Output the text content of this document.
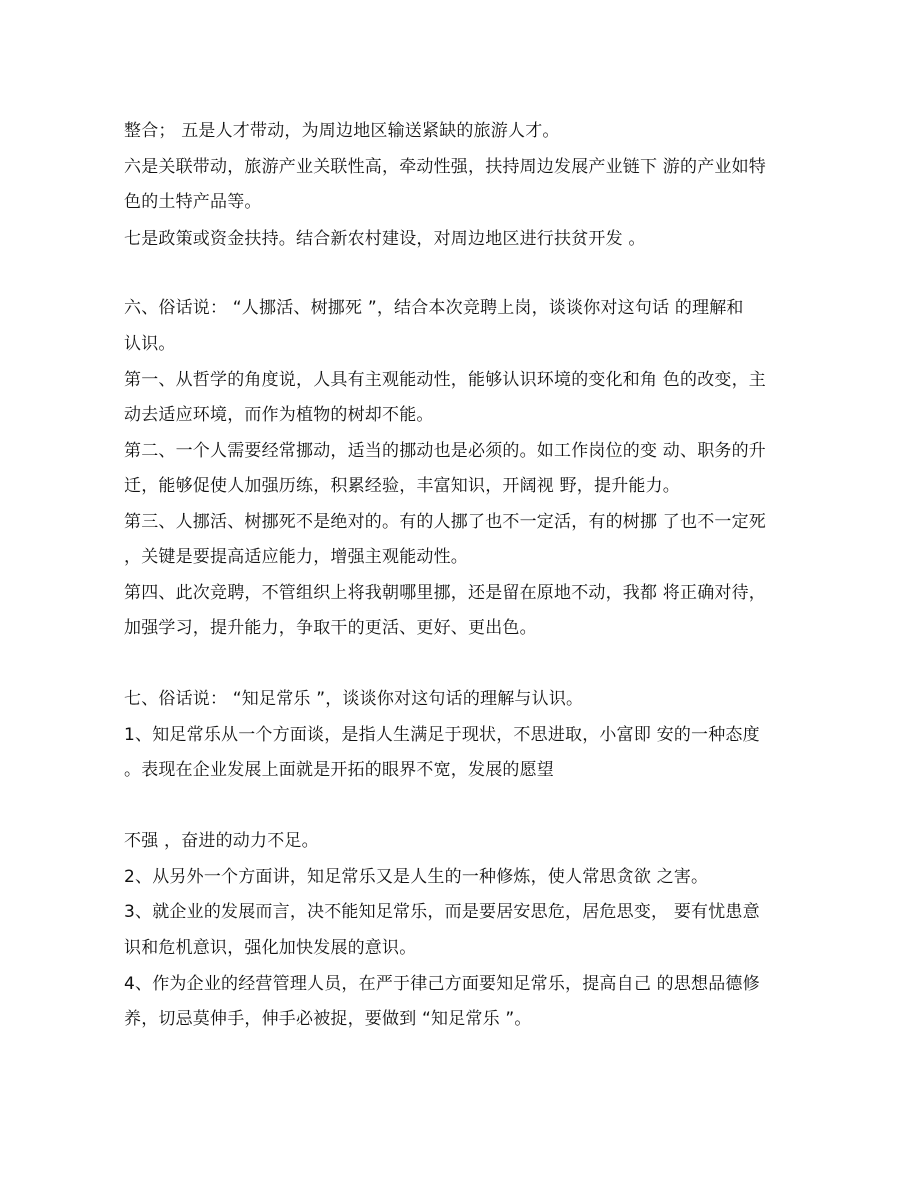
整合； 五是人才带动，为周边地区输送紧缺的旅游人才。
六是关联带动，旅游产业关联性高，牵动性强，扶持周边发展产业链下 游的产业如特
色的土特产品等。
七是政策或资金扶持。结合新农村建设，对周边地区进行扶贫开发 。
六、俗话说： “人挪活、树挪死 ”，结合本次竞聘上岗，谈谈你对这句话 的理解和
认识。
第一、从哲学的角度说，人具有主观能动性，能够认识环境的变化和角 色的改变，主
动去适应环境，而作为植物的树却不能。
第二、一个人需要经常挪动，适当的挪动也是必须的。如工作岗位的变 动、职务的升
迁，能够促使人加强历练，积累经验，丰富知识，开阔视 野，提升能力。
第三、人挪活、树挪死不是绝对的。有的人挪了也不一定活，有的树挪 了也不一定死
，关键是要提高适应能力，增强主观能动性。
第四、此次竞聘，不管组织上将我朝哪里挪，还是留在原地不动，我都 将正确对待，
加强学习，提升能力，争取干的更活、更好、更出色。
七、俗话说： “知足常乐 ”，谈谈你对这句话的理解与认识。
1、知足常乐从一个方面谈，是指人生满足于现状，不思进取，小富即 安的一种态度
。表现在企业发展上面就是开拓的眼界不宽，发展的愿望
不强 ，奋进的动力不足。
2、从另外一个方面讲，知足常乐又是人生的一种修炼，使人常思贪欲 之害。
3、就企业的发展而言，决不能知足常乐，而是要居安思危，居危思变， 要有忧患意
识和危机意识，强化加快发展的意识。
4、作为企业的经营管理人员，在严于律己方面要知足常乐，提高自己 的思想品德修
养，切忌莫伸手，伸手必被捉，要做到 “知足常乐 ”。
